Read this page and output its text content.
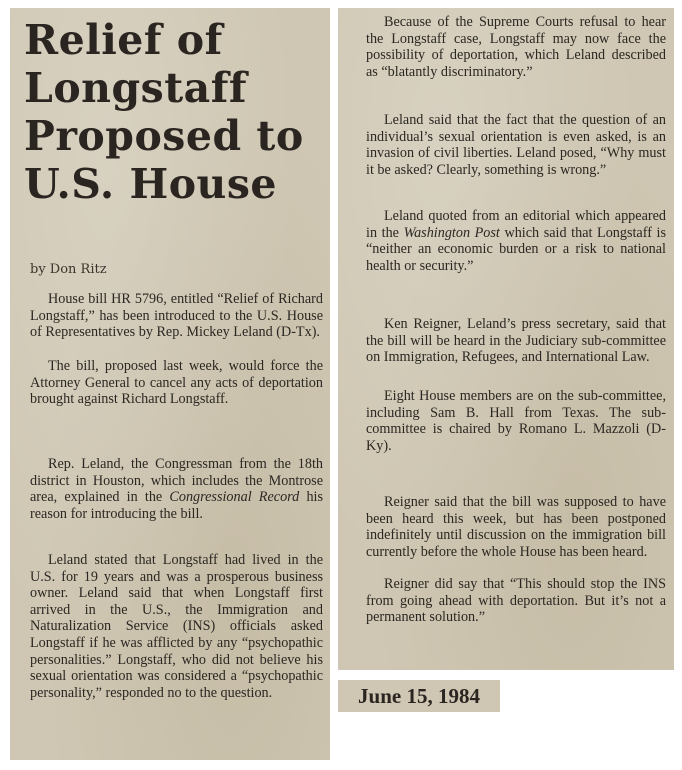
Relief of
Longstaff
Proposed to
U.S. House
by Don Ritz

House bill HR 5796, entitled “Relief of Richard Longstaff,” has been introduced to the U.S. House of Representatives by Rep. Mickey Leland (D-Tx).

The bill, proposed last week, would force the Attorney General to cancel any acts of deportation brought against Richard Longstaff.

Rep. Leland, the Congressman from the 18th district in Houston, which includes the Montrose area, explained in the Congressional Record his reason for introducing the bill.

Leland stated that Longstaff had lived in the U.S. for 19 years and was a prosperous business owner. Leland said that when Longstaff first arrived in the U.S., the Immigration and Naturalization Service (INS) officials asked Longstaff if he was afflicted by any “psychopathic personalities.” Longstaff, who did not believe his sexual orientation was considered a “psychopathic personality,” responded no to the question.

Because of the Supreme Courts refusal to hear the Longstaff case, Longstaff may now face the possibility of deportation, which Leland described as “blatantly discriminatory.”

Leland said that the fact that the question of an individual’s sexual orientation is even asked, is an invasion of civil liberties. Leland posed, “Why must it be asked? Clearly, something is wrong.”

Leland quoted from an editorial which appeared in the Washington Post which said that Longstaff is “neither an economic burden or a risk to national health or security.”

Ken Reigner, Leland’s press secretary, said that the bill will be heard in the Judiciary sub-committee on Immigration, Refugees, and International Law.

Eight House members are on the sub-committee, including Sam B. Hall from Texas. The sub-committee is chaired by Romano L. Mazzoli (D-Ky).

Reigner said that the bill was supposed to have been heard this week, but has been postponed indefinitely until discussion on the immigration bill currently before the whole House has been heard.

Reigner did say that “This should stop the INS from going ahead with deportation. But it’s not a permanent solution.”

June 15, 1984
